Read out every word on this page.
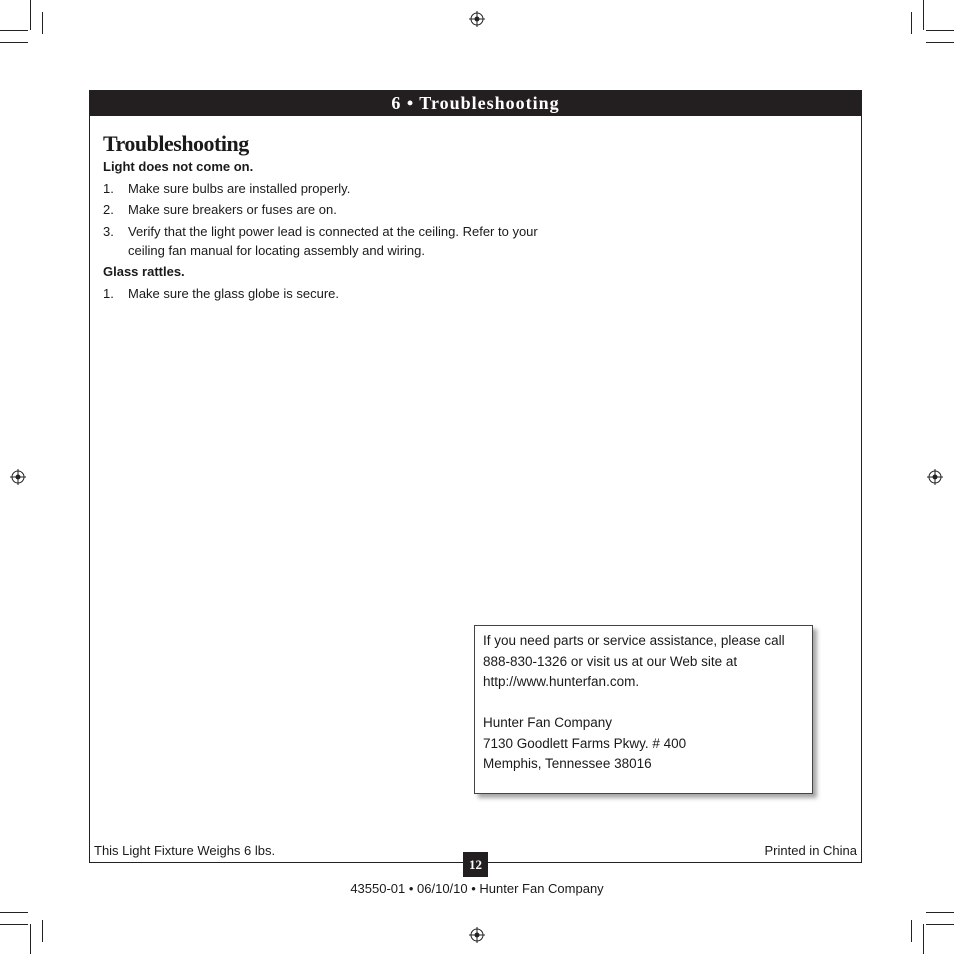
6 • Troubleshooting
Troubleshooting
Light does not come on.
1. Make sure bulbs are installed properly.
2. Make sure breakers or fuses are on.
3. Verify that the light power lead is connected at the ceiling. Refer to your ceiling fan manual for locating assembly and wiring.
Glass rattles.
1. Make sure the glass globe is secure.
If you need parts or service assistance, please call
888-830-1326 or visit us at our Web site at
http://www.hunterfan.com.
Hunter Fan Company
7130 Goodlett Farms Pkwy. # 400
Memphis, Tennessee 38016
This Light Fixture Weighs 6 lbs.	Printed in China
12
43550-01 • 06/10/10 • Hunter Fan Company
